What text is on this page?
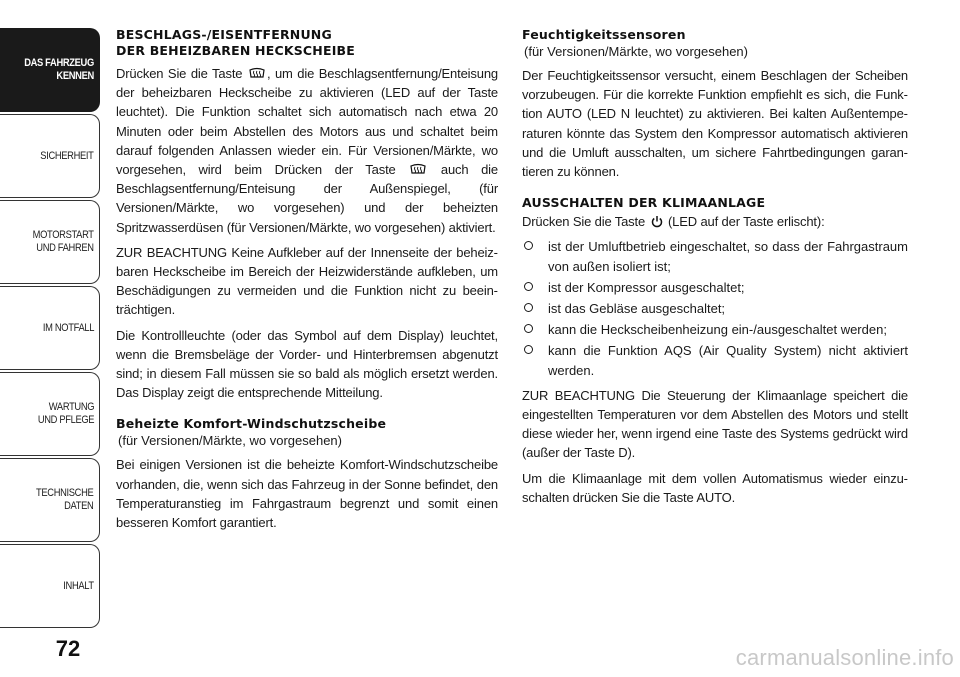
DAS FAHRZEUG
KENNEN
SICHERHEIT
MOTORSTART
UND FAHREN
IM NOTFALL
WARTUNG
UND PFLEGE
TECHNISCHE
DATEN
INHALT
72
BESCHLAGS-/EISENTFERNUNG
DER BEHEIZBAREN HECKSCHEIBE

Drücken Sie die Taste , um die Beschlagsentfernung/Enteisung der beheizbaren Heckscheibe zu aktivieren (LED auf der Taste leuchtet). Die Funktion schaltet sich automatisch nach etwa 20 Minuten oder beim Abstellen des Motors aus und schaltet beim darauf folgenden Anlassen wieder ein. Für Versionen/Märkte, wo vorgesehen, wird beim Drücken der Taste  auch die Beschlagsentfernung/Enteisung der Außenspiegel, (für Versionen/Märkte, wo vorgesehen) und der beheizten Spritzwasserdüsen (für Versionen/Märkte, wo vorgesehen) aktiviert.

ZUR BEACHTUNG Keine Aufkleber auf der Innenseite der beheizbaren Heckscheibe im Bereich der Heizwiderstände aufkleben, um Beschädigungen zu vermeiden und die Funktion nicht zu beeinträchtigen.

Die Kontrollleuchte (oder das Symbol auf dem Display) leuchtet, wenn die Bremsbeläge der Vorder- und Hinterbremsen abgenutzt sind; in diesem Fall müssen sie so bald als möglich ersetzt werden. Das Display zeigt die entsprechende Mitteilung.

Beheizte Komfort-Windschutzscheibe
(für Versionen/Märkte, wo vorgesehen)

Bei einigen Versionen ist die beheizte Komfort-Windschutzscheibe vorhanden, die, wenn sich das Fahrzeug in der Sonne befindet, den Temperaturanstieg im Fahrgastraum begrenzt und somit einen besseren Komfort garantiert.

Feuchtigkeitssensoren
(für Versionen/Märkte, wo vorgesehen)

Der Feuchtigkeitssensor versucht, einem Beschlagen der Scheiben vorzubeugen. Für die korrekte Funktion empfiehlt es sich, die Funktion AUTO (LED N leuchtet) zu aktivieren. Bei kalten Außentemperaturen könnte das System den Kompressor automatisch aktivieren und die Umluft ausschalten, um sichere Fahrtbedingungen garantieren zu können.

AUSSCHALTEN DER KLIMAANLAGE

Drücken Sie die Taste  (LED auf der Taste erlischt):

ist der Umluftbetrieb eingeschaltet, so dass der Fahrgastraum von außen isoliert ist;
ist der Kompressor ausgeschaltet;
ist das Gebläse ausgeschaltet;
kann die Heckscheibenheizung ein-/ausgeschaltet werden;
kann die Funktion AQS (Air Quality System) nicht aktiviert werden.

ZUR BEACHTUNG Die Steuerung der Klimaanlage speichert die eingestellten Temperaturen vor dem Abstellen des Motors und stellt diese wieder her, wenn irgend eine Taste des Systems gedrückt wird (außer der Taste D).

Um die Klimaanlage mit dem vollen Automatismus wieder einzuschalten drücken Sie die Taste AUTO.

carmanualsonline.info
